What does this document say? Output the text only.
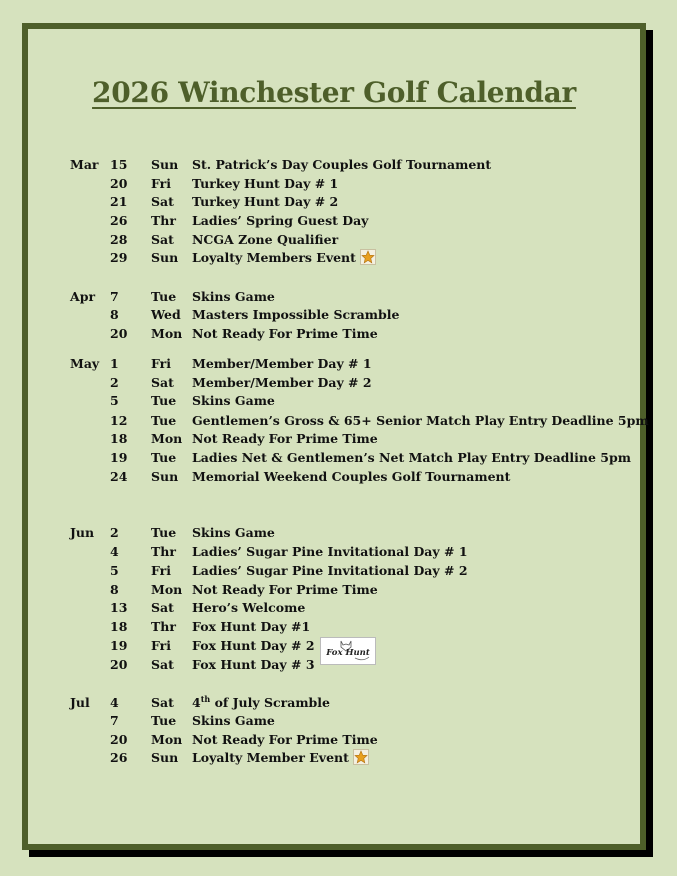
2026 Winchester Golf Calendar
Mar 15 Sun St. Patrick’s Day Couples Golf Tournament
20 Fri Turkey Hunt Day # 1
21 Sat Turkey Hunt Day # 2
26 Thr Ladies’ Spring Guest Day
28 Sat NCGA Zone Qualifier
29 Sun Loyalty Members Event
Apr 7	Tue Skins Game
8	Wed Masters Impossible Scramble
20 Mon Not Ready For Prime Time
May 1	Fri Member/Member Day # 1
2	Sat Member/Member Day # 2
5	Tue Skins Game
12 Tue Gentlemen’s Gross & 65+ Senior Match Play Entry Deadline 5pm
18 Mon Not Ready For Prime Time
19 Tue Ladies Net & Gentlemen’s Net Match Play Entry Deadline 5pm
24 Sun Memorial Weekend Couples Golf Tournament
Jun 2	Tue Skins Game
4	Thr Ladies’ Sugar Pine Invitational Day # 1
5	Fri Ladies’ Sugar Pine Invitational Day # 2
8	Mon Not Ready For Prime Time
13 Sat Hero’s Welcome
18 Thr Fox Hunt Day #1
19 Fri Fox Hunt Day # 2 Fox Hunt
20 Sat Fox Hunt Day # 3
Jul 4	Sat 4th of July Scramble
7	Tue Skins Game
20 Mon Not Ready For Prime Time
26 Sun Loyalty Member Event
